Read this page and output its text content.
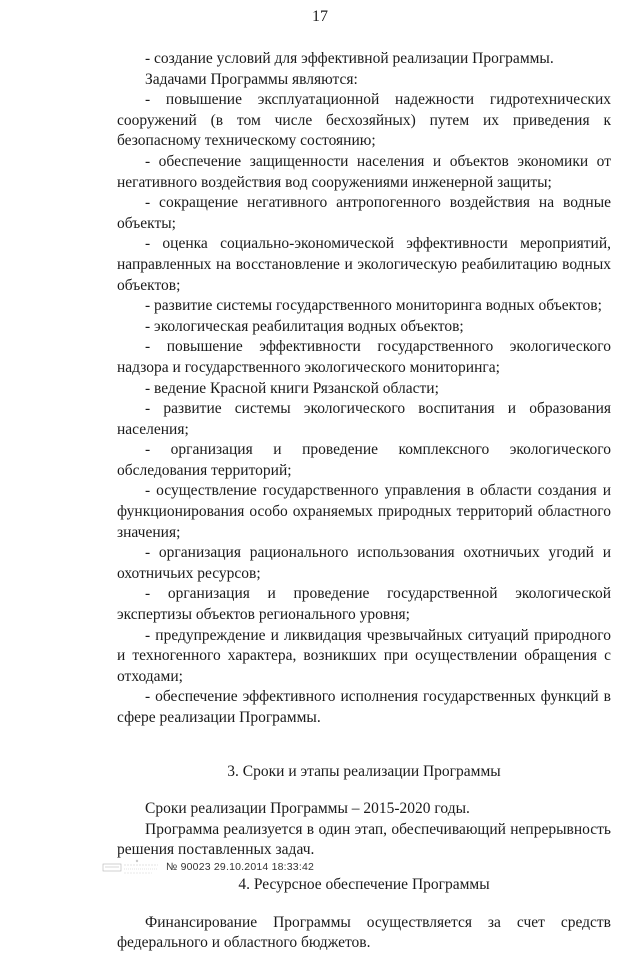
17

- создание условий для эффективной реализации Программы.

Задачами Программы являются:

- повышение эксплуатационной надежности гидротехнических сооружений (в том числе бесхозяйных) путем их приведения к безопасному техническому состоянию;

- обеспечение защищенности населения и объектов экономики от негативного воздействия вод сооружениями инженерной защиты;

- сокращение негативного антропогенного воздействия на водные объекты;

- оценка социально-экономической эффективности мероприятий, направленных на восстановление и экологическую реабилитацию водных объектов;

- развитие системы государственного мониторинга водных объектов;

- экологическая реабилитация водных объектов;

- повышение эффективности государственного экологического надзора и государственного экологического мониторинга;

- ведение Красной книги Рязанской области;

- развитие системы экологического воспитания и образования населения;

- организация и проведение комплексного экологического обследования территорий;

- осуществление государственного управления в области создания и функционирования особо охраняемых природных территорий областного значения;

- организация рационального использования охотничьих угодий и охотничьих ресурсов;

- организация и проведение государственной экологической экспертизы объектов регионального уровня;

- предупреждение и ликвидация чрезвычайных ситуаций природного и техногенного характера, возникших при осуществлении обращения с отходами;

- обеспечение эффективного исполнения государственных функций в сфере реализации Программы.

3. Сроки и этапы реализации Программы

Сроки реализации Программы – 2015-2020 годы.

Программа реализуется в один этап, обеспечивающий непрерывность решения поставленных задач.

4. Ресурсное обеспечение Программы

Финансирование Программы осуществляется за счет средств федерального и областного бюджетов.

№ 90023 29.10.2014 18:33:42
